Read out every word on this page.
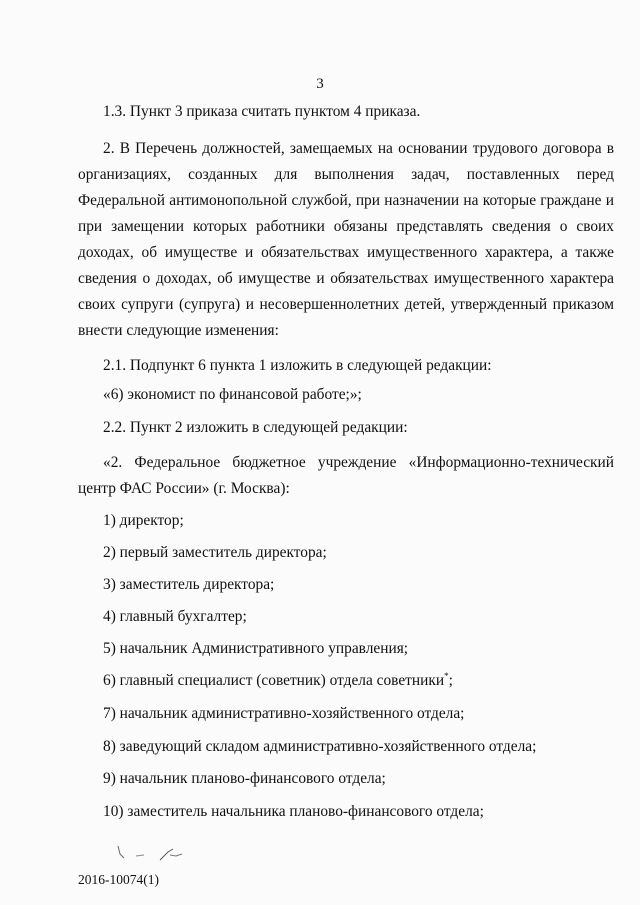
3
1.3. Пункт 3 приказа считать пунктом 4 приказа.
2. В Перечень должностей, замещаемых на основании трудового договора в
организациях, созданных для выполнения задач, поставленных перед
Федеральной антимонопольной службой, при назначении на которые граждане и
при замещении которых работники обязаны представлять сведения о своих
доходах, об имуществе и обязательствах имущественного характера, а также
сведения о доходах, об имуществе и обязательствах имущественного характера
своих супруги (супруга) и несовершеннолетних детей, утвержденный приказом
внести следующие изменения:
2.1. Подпункт 6 пункта 1 изложить в следующей редакции:
«6) экономист по финансовой работе;»;
2.2. Пункт 2 изложить в следующей редакции:
«2. Федеральное бюджетное учреждение «Информационно-технический
центр ФАС России» (г. Москва):
1) директор;
2) первый заместитель директора;
3) заместитель директора;
4) главный бухгалтер;
5) начальник Административного управления;
6) главный специалист (советник) отдела советники*;
7) начальник административно-хозяйственного отдела;
8) заведующий складом административно-хозяйственного отдела;
9) начальник планово-финансового отдела;
10) заместитель начальника планово-финансового отдела;
2016-10074(1)
